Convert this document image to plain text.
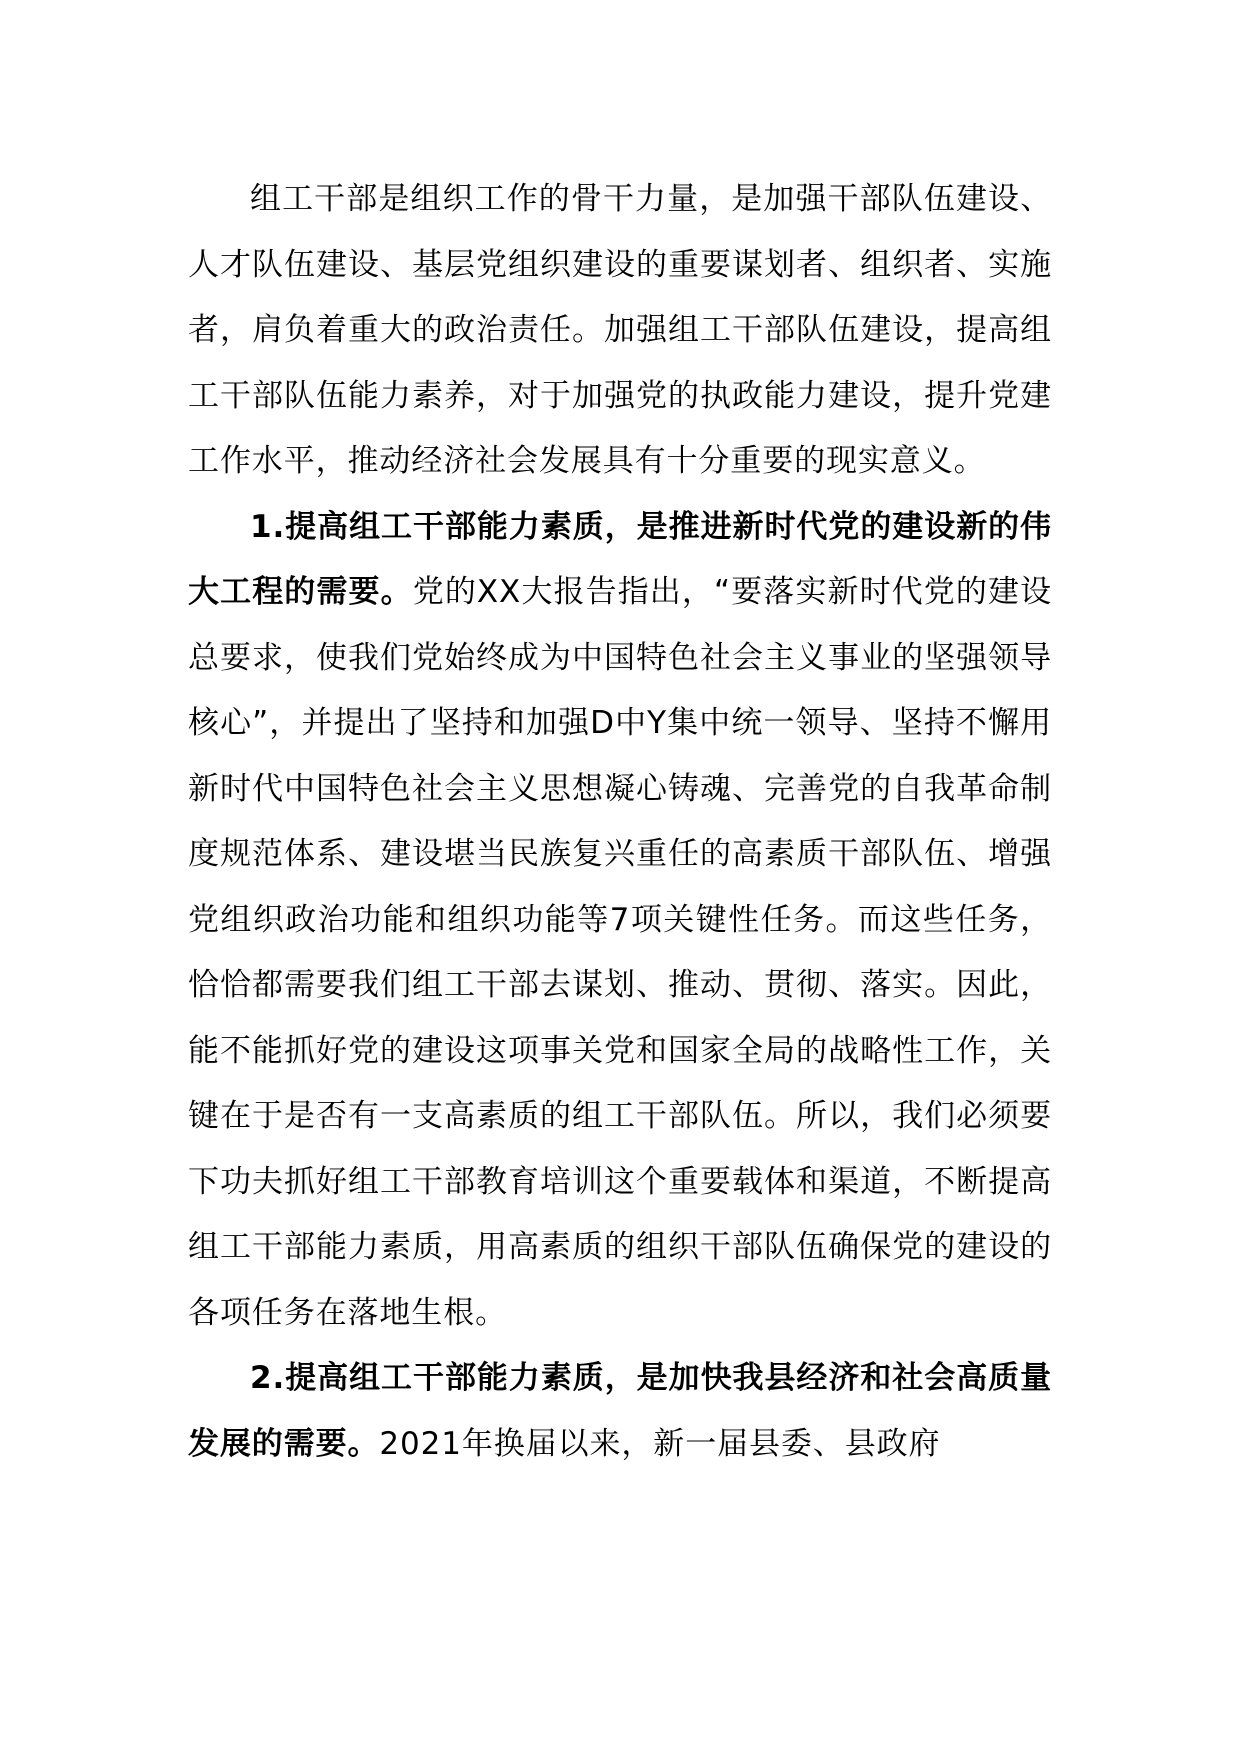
组工干部是组织工作的骨干力量，是加强干部队伍建设、人才队伍建设、基层党组织建设的重要谋划者、组织者、实施者，肩负着重大的政治责任。加强组工干部队伍建设，提高组工干部队伍能力素养，对于加强党的执政能力建设，提升党建工作水平，推动经济社会发展具有十分重要的现实意义。

1.提高组工干部能力素质，是推进新时代党的建设新的伟大工程的需要。党的XX大报告指出，“要落实新时代党的建设总要求，使我们党始终成为中国特色社会主义事业的坚强领导核心”，并提出了坚持和加强D中Y集中统一领导、坚持不懈用新时代中国特色社会主义思想凝心铸魂、完善党的自我革命制度规范体系、建设堪当民族复兴重任的高素质干部队伍、增强党组织政治功能和组织功能等7项关键性任务。而这些任务，恰恰都需要我们组工干部去谋划、推动、贯彻、落实。因此，能不能抓好党的建设这项事关党和国家全局的战略性工作，关键在于是否有一支高素质的组工干部队伍。所以，我们必须要下功夫抓好组工干部教育培训这个重要载体和渠道，不断提高组工干部能力素质，用高素质的组织干部队伍确保党的建设的各项任务在落地生根。

2.提高组工干部能力素质，是加快我县经济和社会高质量发展的需要。2021年换届以来，新一届县委、县政府
